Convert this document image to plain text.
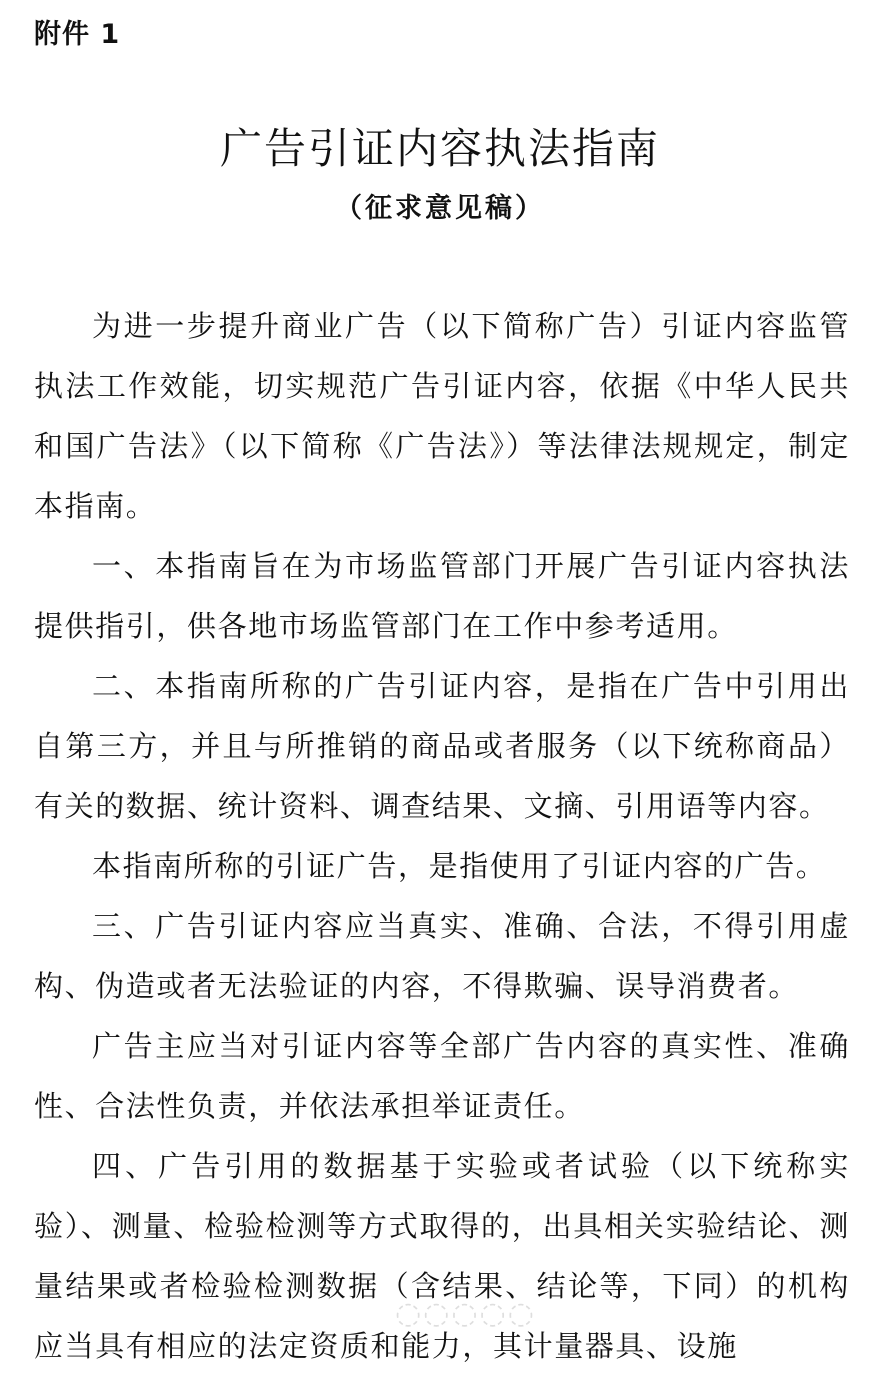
附件 1
广告引证内容执法指南
（征求意见稿）

为进一步提升商业广告（以下简称广告）引证内容监管执法工作效能，切实规范广告引证内容，依据《中华人民共和国广告法》（以下简称《广告法》）等法律法规规定，制定本指南。

一、本指南旨在为市场监管部门开展广告引证内容执法提供指引，供各地市场监管部门在工作中参考适用。

二、本指南所称的广告引证内容，是指在广告中引用出自第三方，并且与所推销的商品或者服务（以下统称商品）有关的数据、统计资料、调查结果、文摘、引用语等内容。

本指南所称的引证广告，是指使用了引证内容的广告。

三、广告引证内容应当真实、准确、合法，不得引用虚构、伪造或者无法验证的内容，不得欺骗、误导消费者。

广告主应当对引证内容等全部广告内容的真实性、准确性、合法性负责，并依法承担举证责任。

四、广告引用的数据基于实验或者试验（以下统称实验）、测量、检验检测等方式取得的，出具相关实验结论、测量结果或者检验检测数据（含结果、结论等，下同）的机构应当具有相应的法定资质和能力，其计量器具、设施

◌◌◌◌◌
